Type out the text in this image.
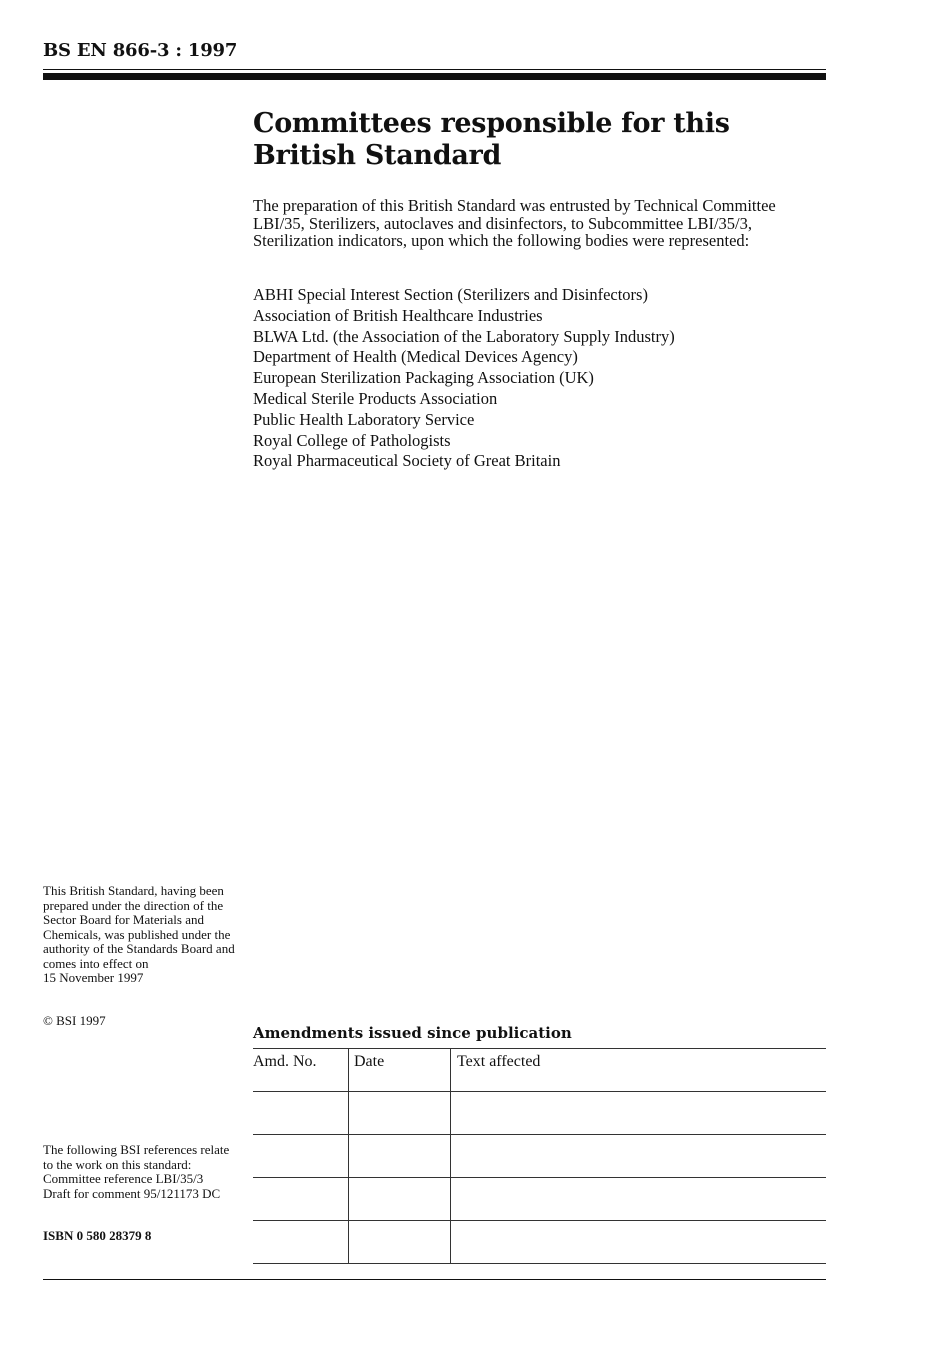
BS EN 866-3 : 1997
Committees responsible for this
British Standard
The preparation of this British Standard was entrusted by Technical Committee LBI/35, Sterilizers, autoclaves and disinfectors, to Subcommittee LBI/35/3, Sterilization indicators, upon which the following bodies were represented:
ABHI Special Interest Section (Sterilizers and Disinfectors)
Association of British Healthcare Industries
BLWA Ltd. (the Association of the Laboratory Supply Industry)
Department of Health (Medical Devices Agency)
European Sterilization Packaging Association (UK)
Medical Sterile Products Association
Public Health Laboratory Service
Royal College of Pathologists
Royal Pharmaceutical Society of Great Britain
This British Standard, having been prepared under the direction of the Sector Board for Materials and Chemicals, was published under the authority of the Standards Board and comes into effect on
15 November 1997
© BSI 1997
The following BSI references relate to the work on this standard:
Committee reference LBI/35/3
Draft for comment 95/121173 DC
ISBN 0 580 28379 8
Amendments issued since publication
Amd. No.	Date	Text affected
